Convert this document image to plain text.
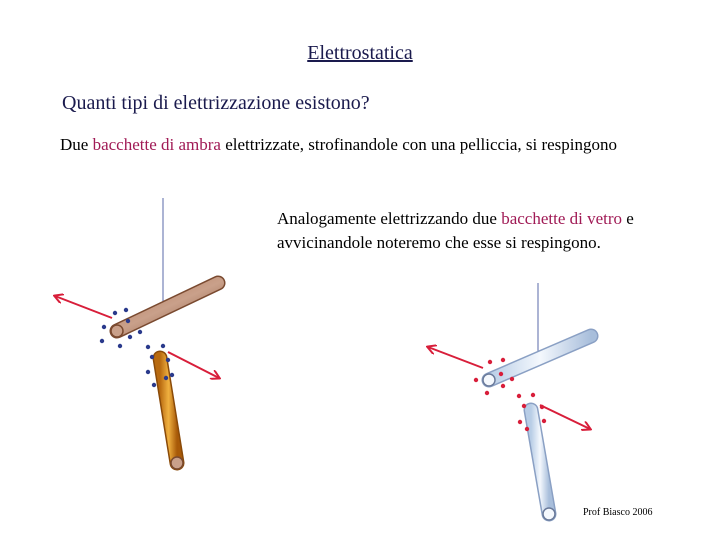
Elettrostatica
Quanti tipi di elettrizzazione esistono?
Due bacchette di ambra elettrizzate, strofinandole con una pelliccia, si respingono
Analogamente elettrizzando due bacchette di vetro e avvicinandole noteremo che esse si respingono.
Prof Biasco 2006
